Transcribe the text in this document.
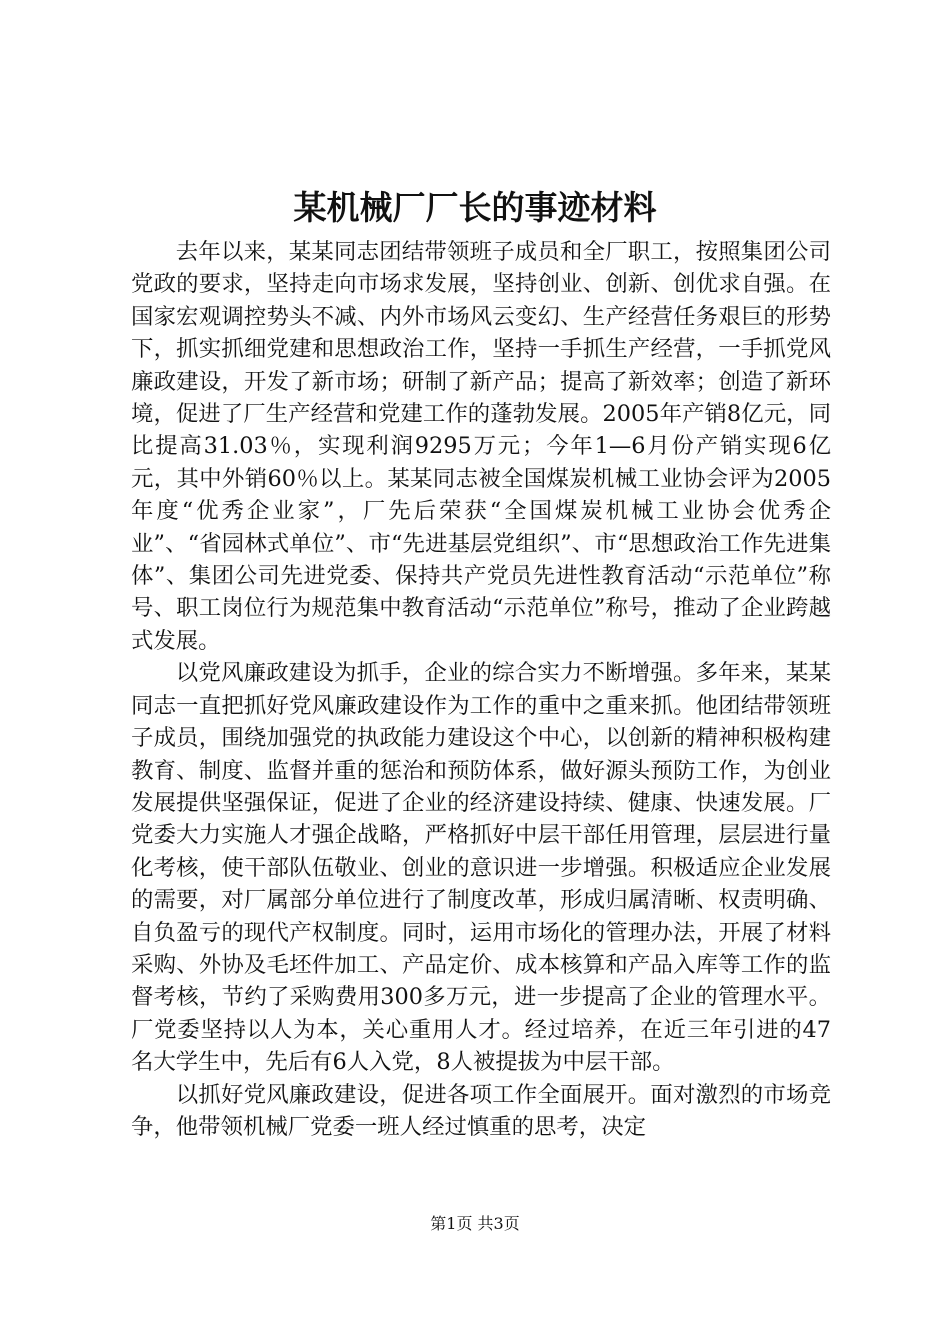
某机械厂厂长的事迹材料

去年以来，某某同志团结带领班子成员和全厂职工，按照集团公司党政的要求，坚持走向市场求发展，坚持创业、创新、创优求自强。在国家宏观调控势头不减、内外市场风云变幻、生产经营任务艰巨的形势下，抓实抓细党建和思想政治工作，坚持一手抓生产经营，一手抓党风廉政建设，开发了新市场；研制了新产品；提高了新效率；创造了新环境，促进了厂生产经营和党建工作的蓬勃发展。2005年产销8亿元，同比提高31.03％，实现利润9295万元；今年1—6月份产销实现6亿元，其中外销60％以上。某某同志被全国煤炭机械工业协会评为2005年度“优秀企业家”，厂先后荣获“全国煤炭机械工业协会优秀企业”、“省园林式单位”、市“先进基层党组织”、市“思想政治工作先进集体”、集团公司先进党委、保持共产党员先进性教育活动“示范单位”称号、职工岗位行为规范集中教育活动“示范单位”称号，推动了企业跨越式发展。

以党风廉政建设为抓手，企业的综合实力不断增强。多年来，某某同志一直把抓好党风廉政建设作为工作的重中之重来抓。他团结带领班子成员，围绕加强党的执政能力建设这个中心，以创新的精神积极构建教育、制度、监督并重的惩治和预防体系，做好源头预防工作，为创业发展提供坚强保证，促进了企业的经济建设持续、健康、快速发展。厂党委大力实施人才强企战略，严格抓好中层干部任用管理，层层进行量化考核，使干部队伍敬业、创业的意识进一步增强。积极适应企业发展的需要，对厂属部分单位进行了制度改革，形成归属清晰、权责明确、自负盈亏的现代产权制度。同时，运用市场化的管理办法，开展了材料采购、外协及毛坯件加工、产品定价、成本核算和产品入库等工作的监督考核，节约了采购费用300多万元，进一步提高了企业的管理水平。厂党委坚持以人为本，关心重用人才。经过培养，在近三年引进的47名大学生中，先后有6人入党，8人被提拔为中层干部。

以抓好党风廉政建设，促进各项工作全面展开。面对激烈的市场竞争，他带领机械厂党委一班人经过慎重的思考，决定

第1页 共3页
